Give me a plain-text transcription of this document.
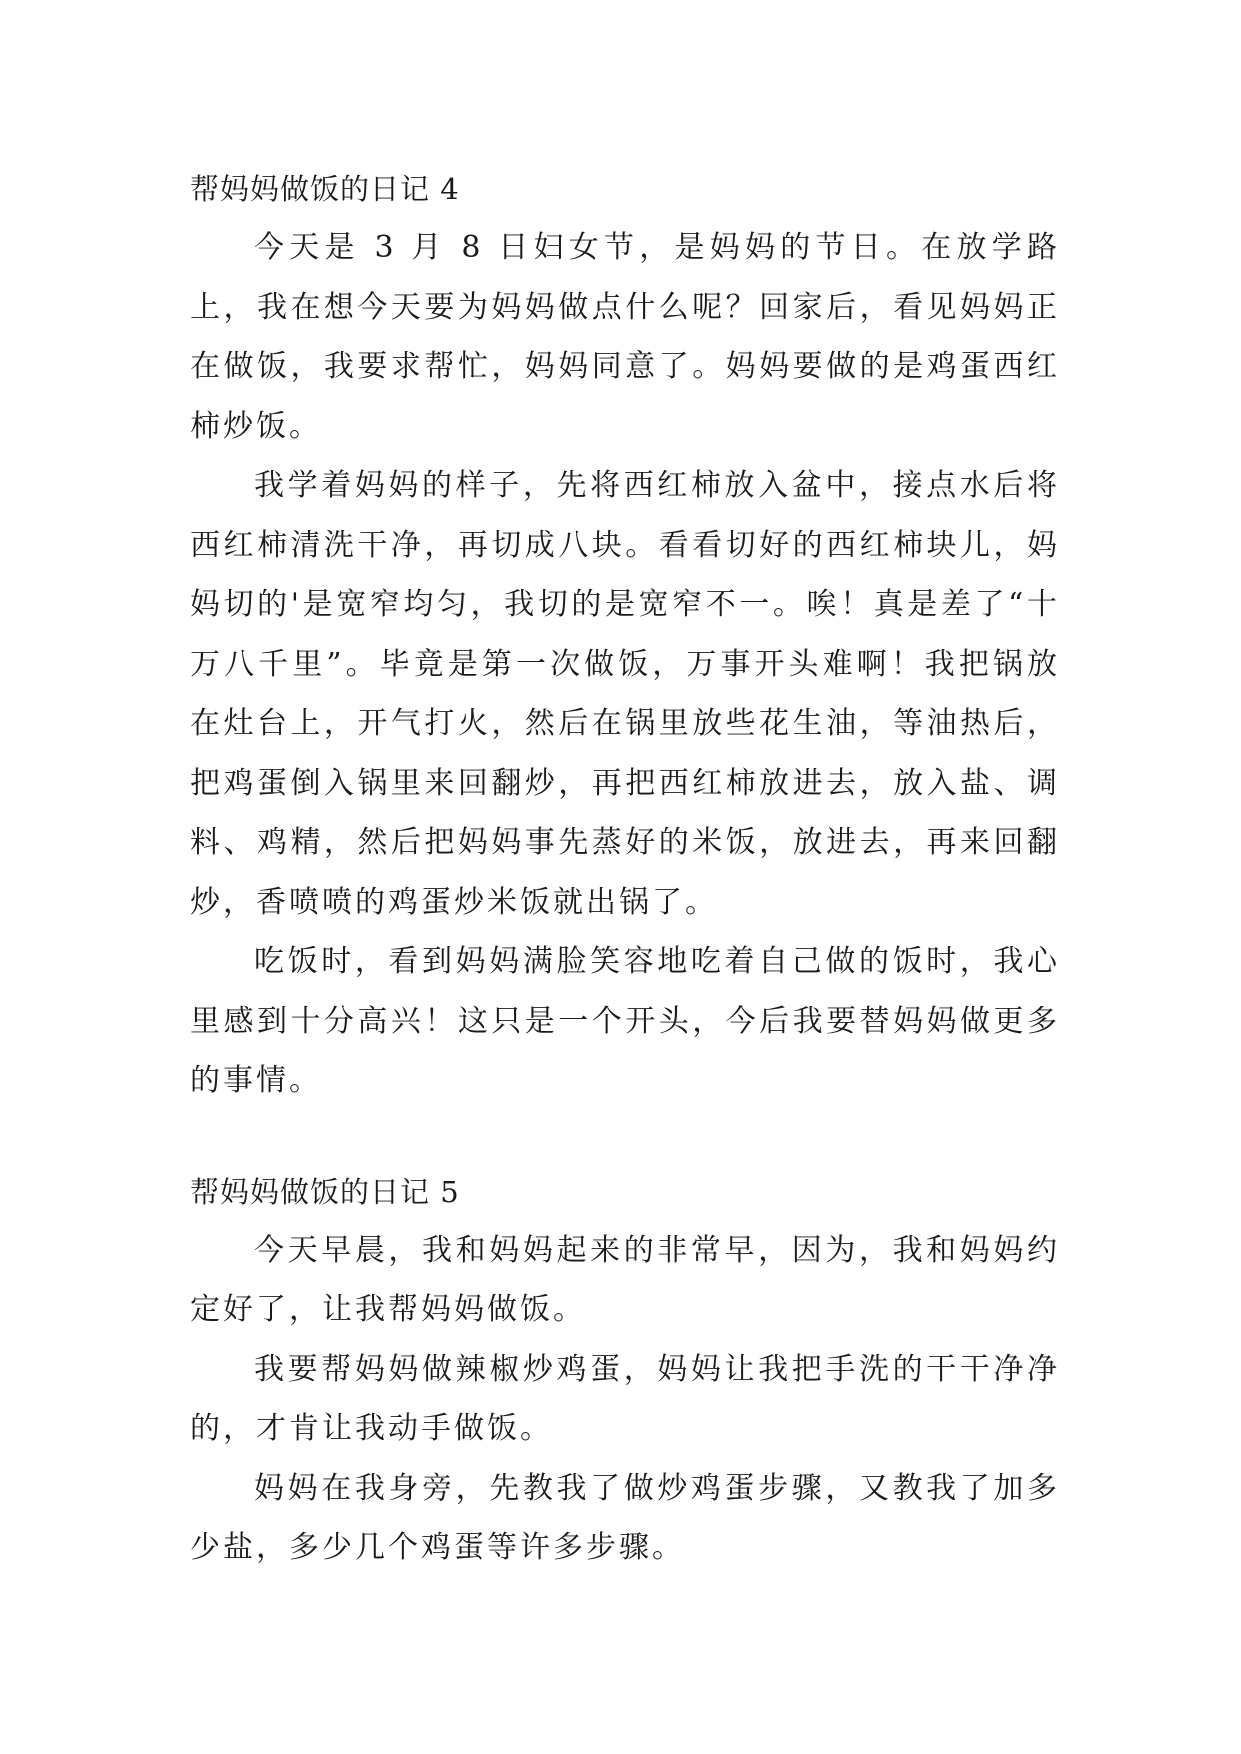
帮妈妈做饭的日记 4

今天是 3 月 8 日妇女节，是妈妈的节日。在放学路上，我在想今天要为妈妈做点什么呢？回家后，看见妈妈正在做饭，我要求帮忙，妈妈同意了。妈妈要做的是鸡蛋西红柿炒饭。

我学着妈妈的样子，先将西红柿放入盆中，接点水后将西红柿清洗干净，再切成八块。看看切好的西红柿块儿，妈妈切的'是宽窄均匀，我切的是宽窄不一。唉！真是差了“十万八千里”。毕竟是第一次做饭，万事开头难啊！我把锅放在灶台上，开气打火，然后在锅里放些花生油，等油热后，把鸡蛋倒入锅里来回翻炒，再把西红柿放进去，放入盐、调料、鸡精，然后把妈妈事先蒸好的米饭，放进去，再来回翻炒，香喷喷的鸡蛋炒米饭就出锅了。

吃饭时，看到妈妈满脸笑容地吃着自己做的饭时，我心里感到十分高兴！这只是一个开头，今后我要替妈妈做更多的事情。

帮妈妈做饭的日记 5

今天早晨，我和妈妈起来的非常早，因为，我和妈妈约定好了，让我帮妈妈做饭。

我要帮妈妈做辣椒炒鸡蛋，妈妈让我把手洗的干干净净的，才肯让我动手做饭。

妈妈在我身旁，先教我了做炒鸡蛋步骤，又教我了加多少盐，多少几个鸡蛋等许多步骤。
